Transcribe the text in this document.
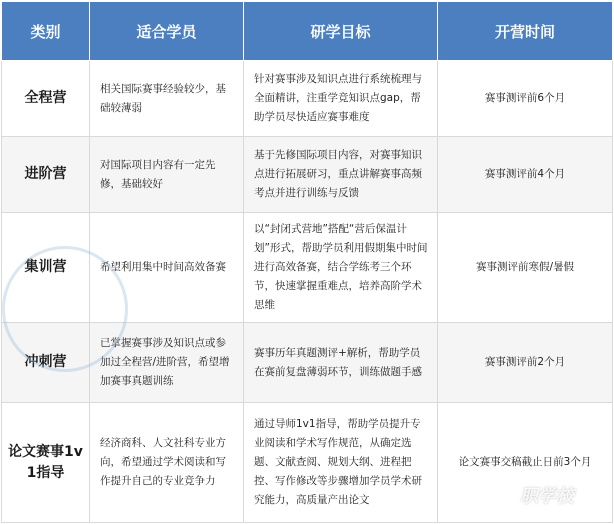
类别	适合学员	研学目标	开营时间
全程营	相关国际赛事经验较少，基础较薄弱	针对赛事涉及知识点进行系统梳理与全面精讲，注重学竞知识点gap，帮助学员尽快适应赛事难度	赛事测评前6个月
进阶营	对国际项目内容有一定先修，基础较好	基于先修国际项目内容，对赛事知识点进行拓展研习，重点讲解赛事高频考点并进行训练与反馈	赛事测评前4个月
集训营	希望利用集中时间高效备赛	以“封闭式营地”搭配“营后保温计划”形式，帮助学员利用假期集中时间进行高效备赛，结合学练考三个环节，快速掌握重难点，培养高阶学术思维	赛事测评前寒假/暑假
冲刺营	已掌握赛事涉及知识点或参加过全程营/进阶营，希望增加赛事真题训练	赛事历年真题测评+解析，帮助学员在赛前复盘薄弱环节，训练做题手感	赛事测评前2个月
论文赛事1v1指导	经济商科、人文社科专业方向，希望通过学术阅读和写作提升自己的专业竞争力	通过导师1v1指导，帮助学员提升专业阅读和学术写作规范，从确定选题、文献查阅、规划大纲、进程把控、写作修改等步骤增加学员学术研究能力，高质量产出论文	论文赛事交稿截止日前3个月
职学校
